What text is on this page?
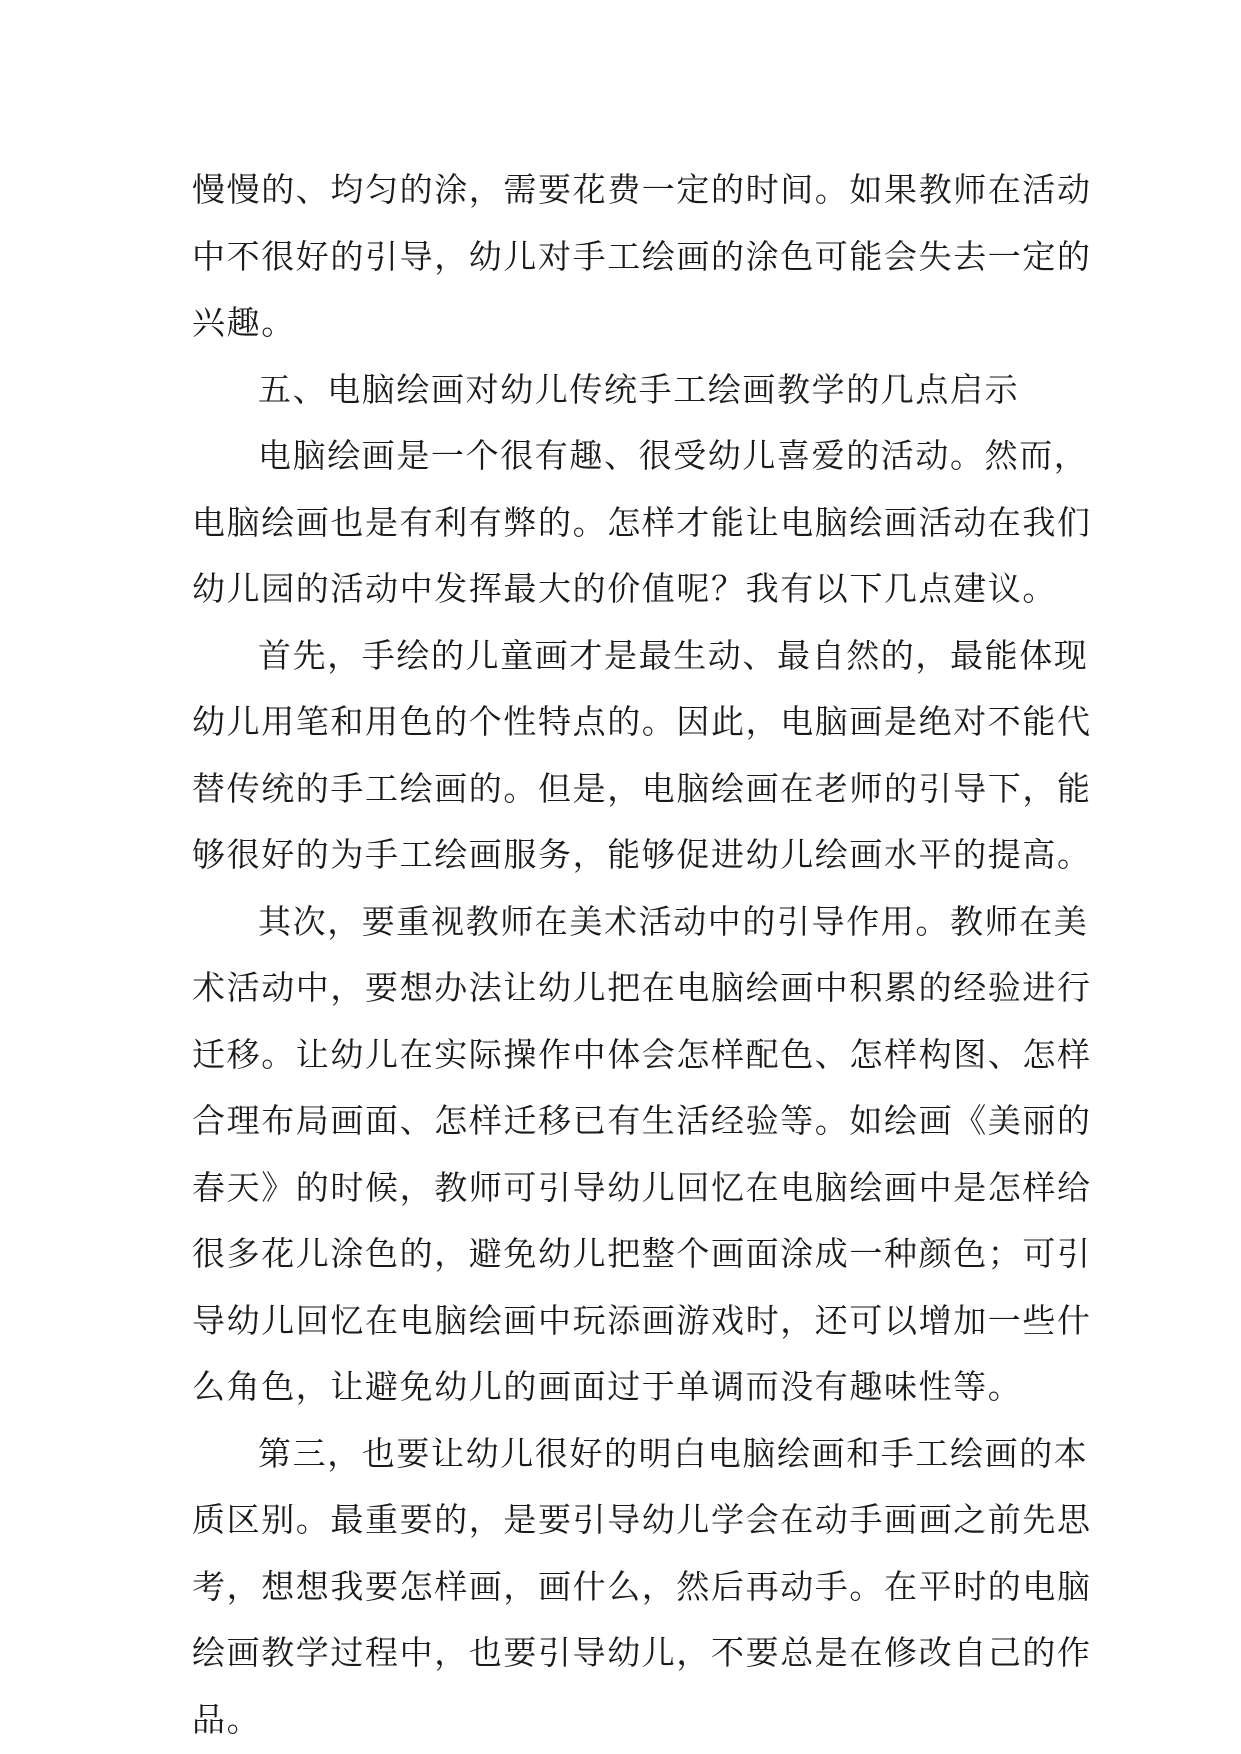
慢慢的、均匀的涂，需要花费一定的时间。如果教师在活动
中不很好的引导，幼儿对手工绘画的涂色可能会失去一定的
兴趣。
五、电脑绘画对幼儿传统手工绘画教学的几点启示
电脑绘画是一个很有趣、很受幼儿喜爱的活动。然而，
电脑绘画也是有利有弊的。怎样才能让电脑绘画活动在我们
幼儿园的活动中发挥最大的价值呢？我有以下几点建议。
首先，手绘的儿童画才是最生动、最自然的，最能体现
幼儿用笔和用色的个性特点的。因此，电脑画是绝对不能代
替传统的手工绘画的。但是，电脑绘画在老师的引导下，能
够很好的为手工绘画服务，能够促进幼儿绘画水平的提高。
其次，要重视教师在美术活动中的引导作用。教师在美
术活动中，要想办法让幼儿把在电脑绘画中积累的经验进行
迁移。让幼儿在实际操作中体会怎样配色、怎样构图、怎样
合理布局画面、怎样迁移已有生活经验等。如绘画《美丽的
春天》的时候，教师可引导幼儿回忆在电脑绘画中是怎样给
很多花儿涂色的，避免幼儿把整个画面涂成一种颜色；可引
导幼儿回忆在电脑绘画中玩添画游戏时，还可以增加一些什
么角色，让避免幼儿的画面过于单调而没有趣味性等。
第三，也要让幼儿很好的明白电脑绘画和手工绘画的本
质区别。最重要的，是要引导幼儿学会在动手画画之前先思
考，想想我要怎样画，画什么，然后再动手。在平时的电脑
绘画教学过程中，也要引导幼儿，不要总是在修改自己的作
品。
